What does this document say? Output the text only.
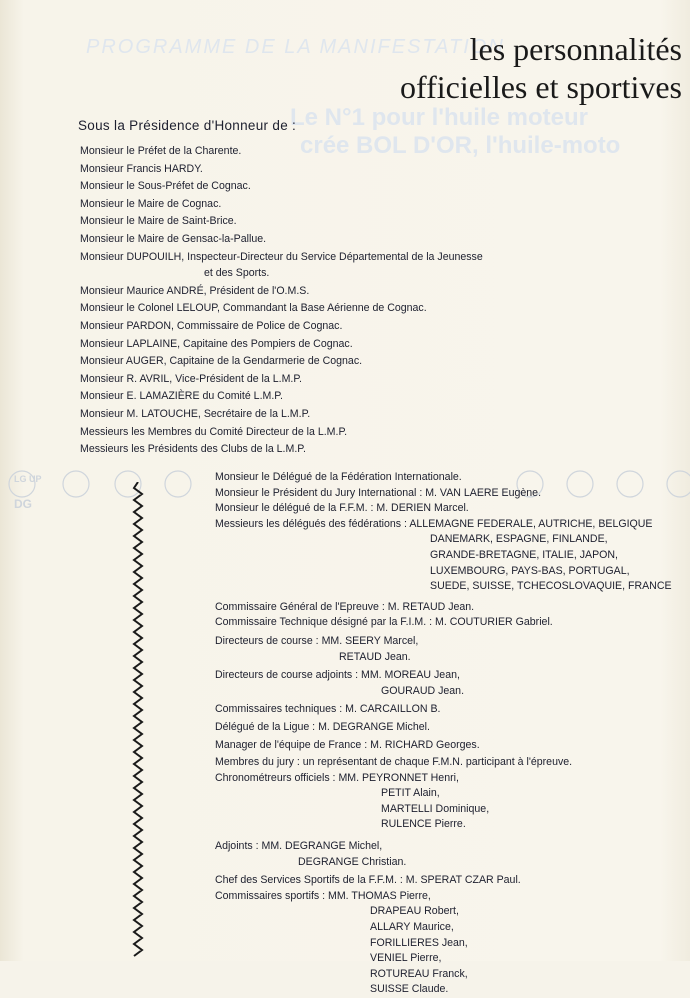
PROGRAMME DE LA MANIFESTATION
Le N°1 pour l'huile moteur
crée BOL D'OR, l'huile-moto
les personnalités
officielles et sportives
Sous la Présidence d'Honneur de :
Monsieur le Préfet de la Charente.
Monsieur Francis HARDY.
Monsieur le Sous-Préfet de Cognac.
Monsieur le Maire de Cognac.
Monsieur le Maire de Saint-Brice.
Monsieur le Maire de Gensac-la-Pallue.
Monsieur DUPOUILH, Inspecteur-Directeur du Service Départemental de la Jeunesse
et des Sports.
Monsieur Maurice ANDRÉ, Président de l'O.M.S.
Monsieur le Colonel LELOUP, Commandant la Base Aérienne de Cognac.
Monsieur PARDON, Commissaire de Police de Cognac.
Monsieur LAPLAINE, Capitaine des Pompiers de Cognac.
Monsieur AUGER, Capitaine de la Gendarmerie de Cognac.
Monsieur R. AVRIL, Vice-Président de la L.M.P.
Monsieur E. LAMAZIÈRE du Comité L.M.P.
Monsieur M. LATOUCHE, Secrétaire de la L.M.P.
Messieurs les Membres du Comité Directeur de la L.M.P.
Messieurs les Présidents des Clubs de la L.M.P.
LG UP
DG
Monsieur le Délégué de la Fédération Internationale.
Monsieur le Président du Jury International : M. VAN LAERE Eugène.
Monsieur le délégué de la F.F.M. : M. DERIEN Marcel.
Messieurs les délégués des fédérations : ALLEMAGNE FEDERALE, AUTRICHE, BELGIQUE
DANEMARK, ESPAGNE, FINLANDE,
GRANDE-BRETAGNE, ITALIE, JAPON,
LUXEMBOURG, PAYS-BAS, PORTUGAL,
SUEDE, SUISSE, TCHECOSLOVAQUIE, FRANCE
Commissaire Général de l'Epreuve : M. RETAUD Jean.
Commissaire Technique désigné par la F.I.M. : M. COUTURIER Gabriel.
Directeurs de course : MM. SEERY Marcel,
RETAUD Jean.
Directeurs de course adjoints : MM. MOREAU Jean,
GOURAUD Jean.
Commissaires techniques : M. CARCAILLON B.
Délégué de la Ligue : M. DEGRANGE Michel.
Manager de l'équipe de France : M. RICHARD Georges.
Membres du jury : un représentant de chaque F.M.N. participant à l'épreuve.
Chronométreurs officiels : MM. PEYRONNET Henri,
PETIT Alain,
MARTELLI Dominique,
RULENCE Pierre.
Adjoints : MM. DEGRANGE Michel,
DEGRANGE Christian.
Chef des Services Sportifs de la F.F.M. : M. SPERAT CZAR Paul.
Commissaires sportifs : MM. THOMAS Pierre,
DRAPEAU Robert,
ALLARY Maurice,
FORILLIERES Jean,
VENIEL Pierre,
ROTUREAU Franck,
SUISSE Claude.
